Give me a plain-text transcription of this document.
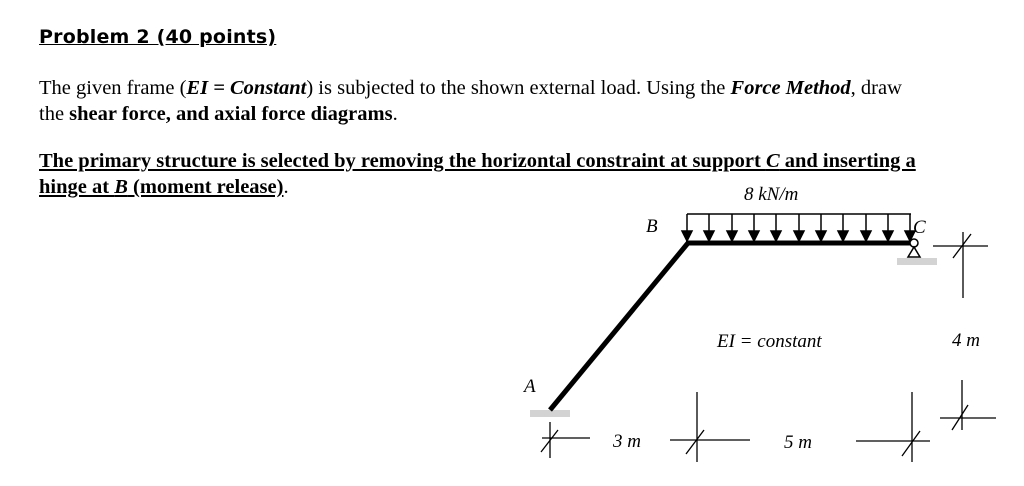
Problem 2 (40 points)
The given frame (EI = Constant) is subjected to the shown external load. Using the Force Method, draw the shear force, and axial force diagrams.
The primary structure is selected by removing the horizontal constraint at support C and inserting a hinge at B (moment release).
A
B	C
8 kN/m
EI = constant
3 m	5 m
4 m
